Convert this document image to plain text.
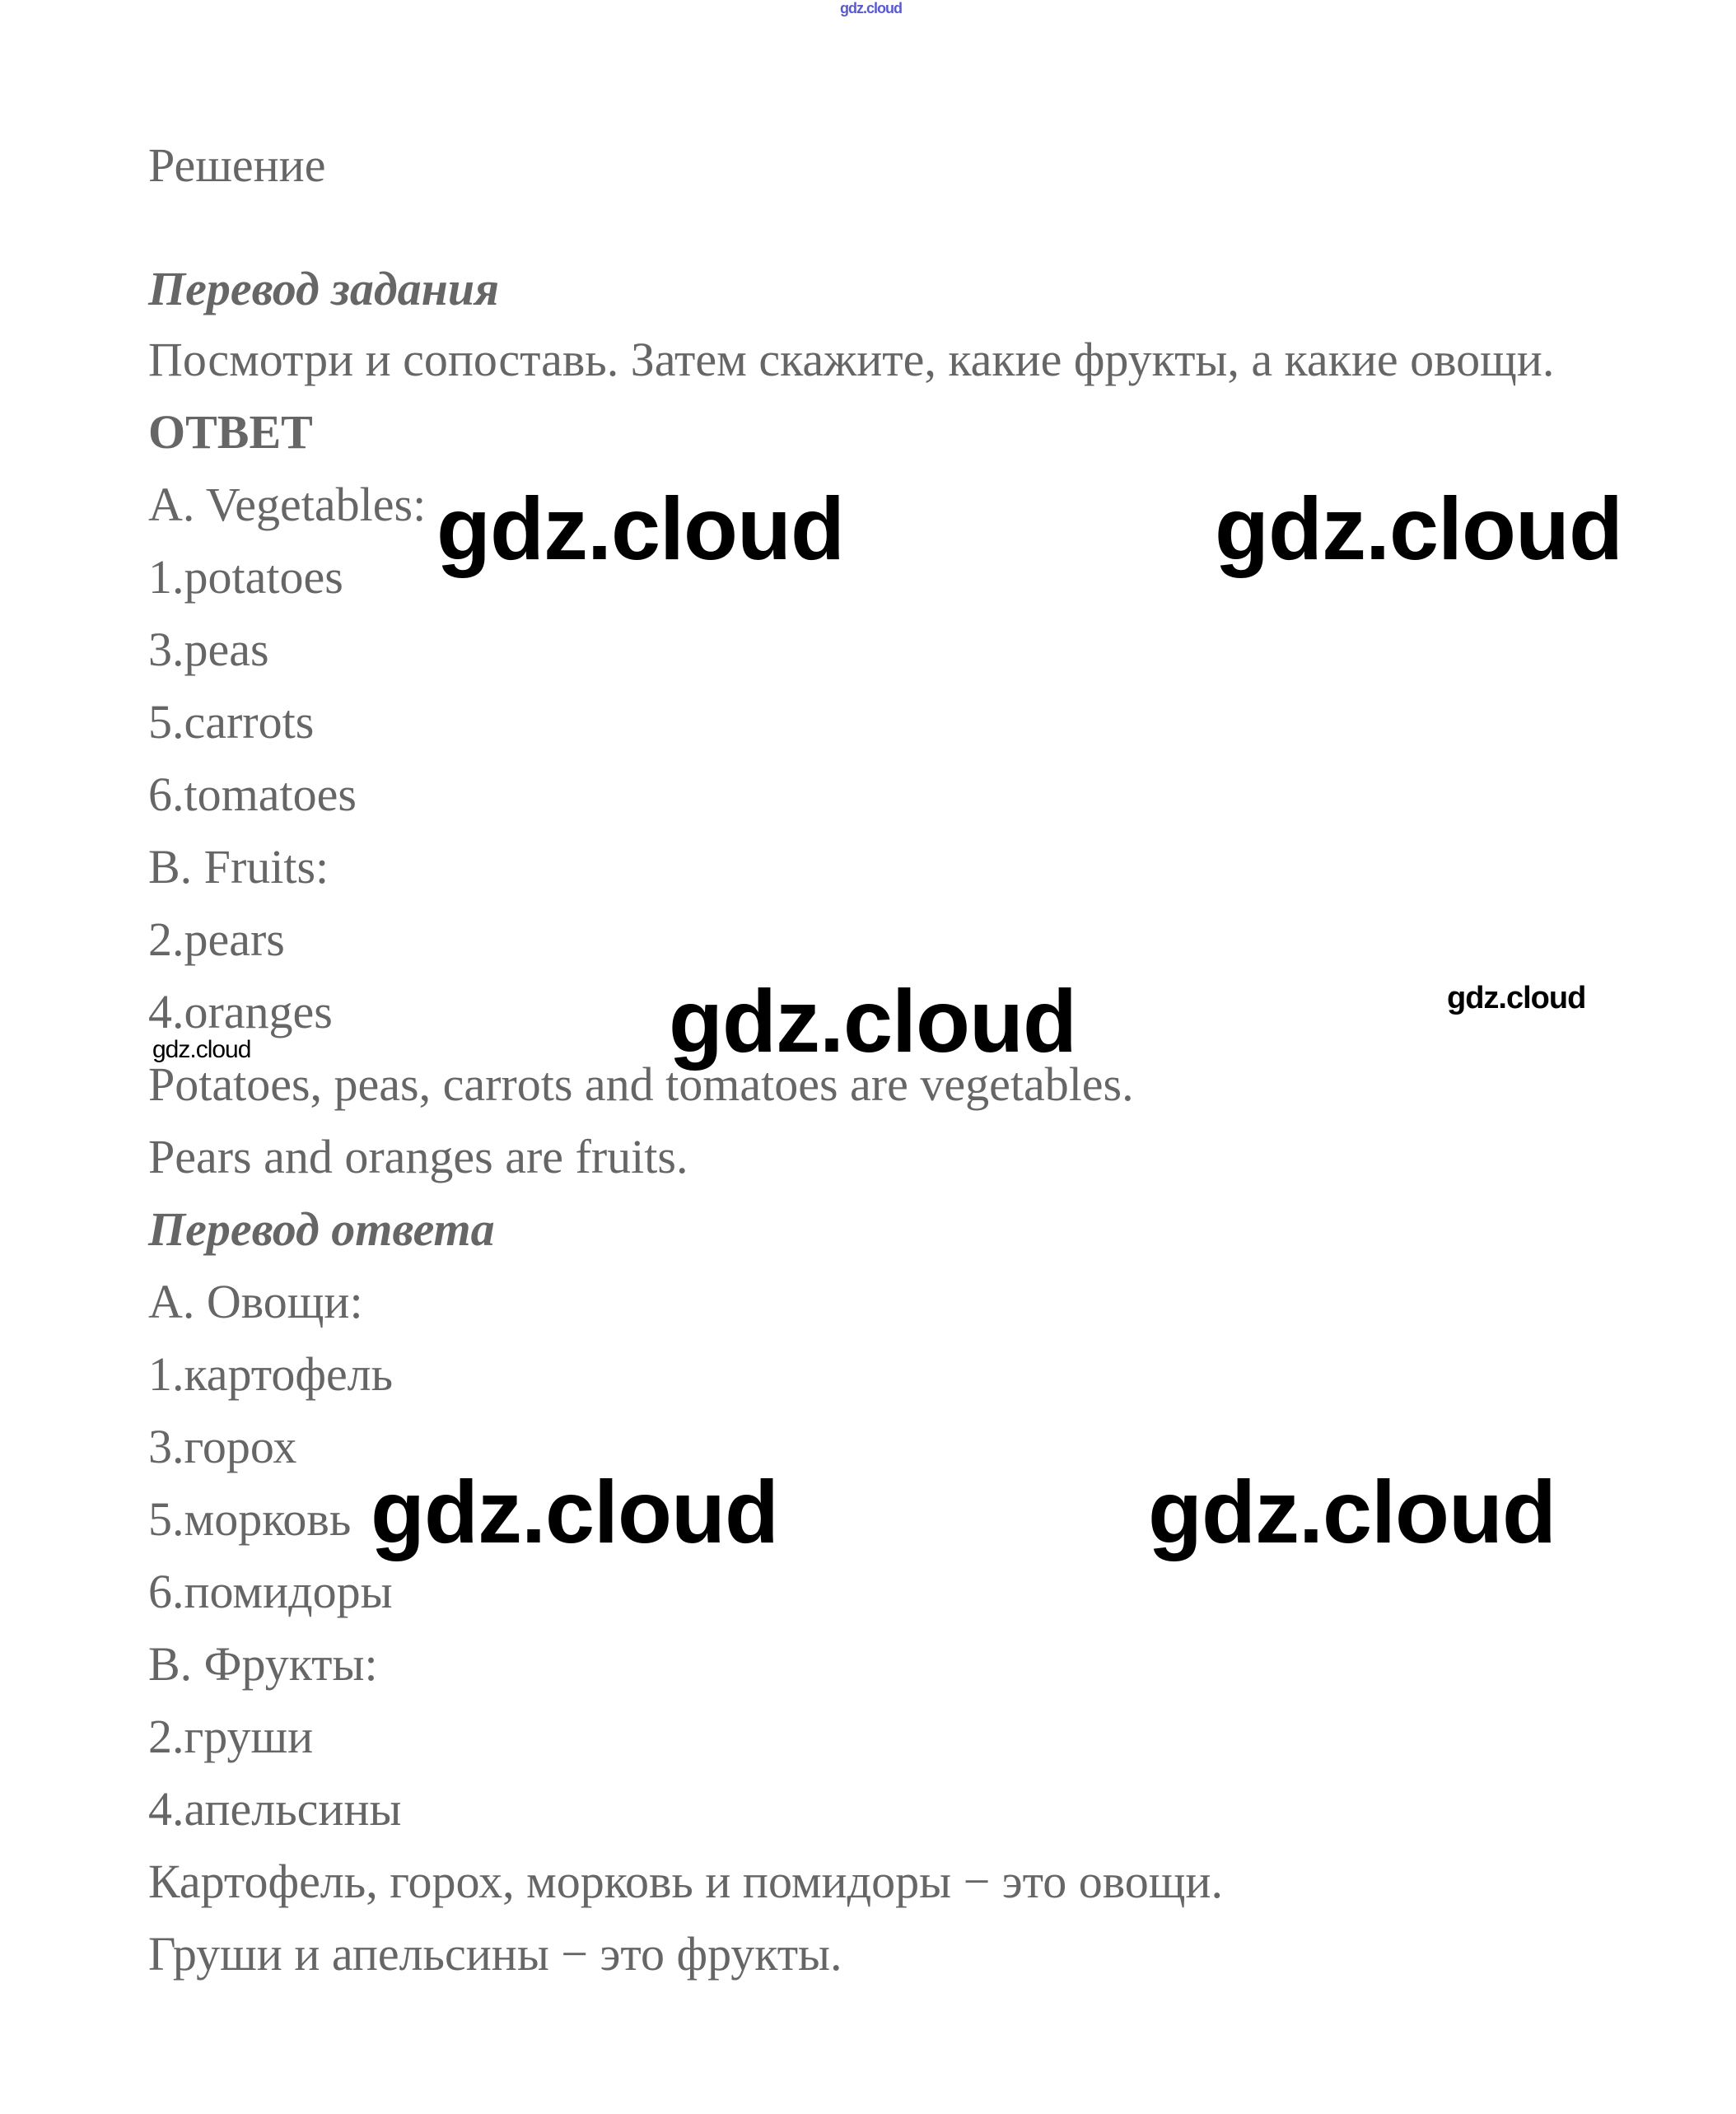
gdz.cloud
Решение
Перевод задания
Посмотри и сопоставь. Затем скажите, какие фрукты, а какие овощи.
ОТВЕТ
A. Vegetables:
1.potatoes
3.peas
5.carrots
6.tomatoes
B. Fruits:
2.pears
4.oranges
Potatoes, peas, carrots and tomatoes are vegetables.
Pears and oranges are fruits.
Перевод ответа
A. Овощи:
1.картофель
3.горох
5.морковь
6.помидоры
B. Фрукты:
2.груши
4.апельсины
Картофель, горох, морковь и помидоры − это овощи.
Груши и апельсины − это фрукты.
gdz.cloud	gdz.cloud
gdz.cloud	gdz.cloud
gdz.cloud
gdz.cloud	gdz.cloud
